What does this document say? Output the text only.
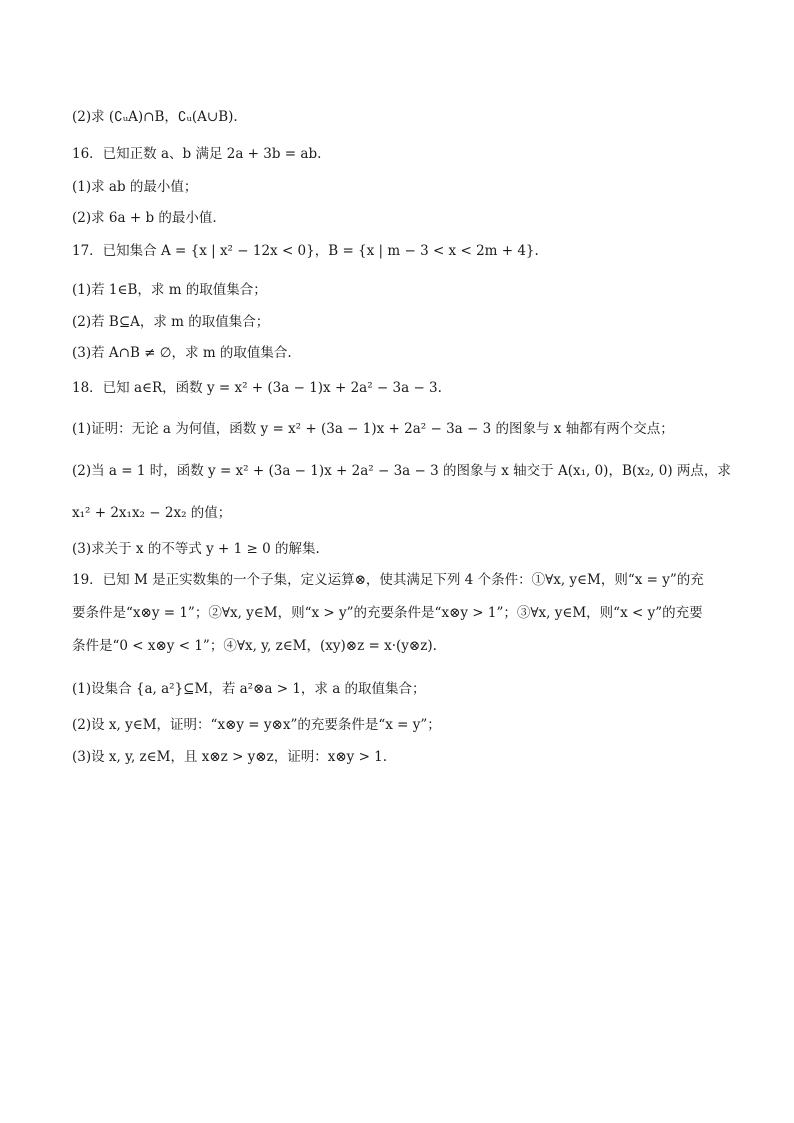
(2)求 (∁ᵤA)∩B，∁ᵤ(A∪B).
16．已知正数 a、b 满足 2a + 3b = ab.
(1)求 ab 的最小值；
(2)求 6a + b 的最小值.
17．已知集合 A = {x | x² − 12x < 0}，B = {x | m − 3 < x < 2m + 4}.
(1)若 1∈B，求 m 的取值集合；
(2)若 B⊆A，求 m 的取值集合；
(3)若 A∩B ≠ ∅，求 m 的取值集合.
18．已知 a∈R，函数 y = x² + (3a − 1)x + 2a² − 3a − 3.
(1)证明：无论 a 为何值，函数 y = x² + (3a − 1)x + 2a² − 3a − 3 的图象与 x 轴都有两个交点；
(2)当 a = 1 时，函数 y = x² + (3a − 1)x + 2a² − 3a − 3 的图象与 x 轴交于 A(x₁, 0)，B(x₂, 0) 两点，求
x₁² + 2x₁x₂ − 2x₂ 的值；
(3)求关于 x 的不等式 y + 1 ≥ 0 的解集.
19．已知 M 是正实数集的一个子集，定义运算⊗，使其满足下列 4 个条件：①∀x, y∈M，则“x = y”的充
要条件是“x⊗y = 1”；②∀x, y∈M，则“x > y”的充要条件是“x⊗y > 1”；③∀x, y∈M，则“x < y”的充要
条件是“0 < x⊗y < 1”；④∀x, y, z∈M，(xy)⊗z = x·(y⊗z).
(1)设集合 {a, a²}⊆M，若 a²⊗a > 1，求 a 的取值集合；
(2)设 x, y∈M，证明：“x⊗y = y⊗x”的充要条件是“x = y”；
(3)设 x, y, z∈M，且 x⊗z > y⊗z，证明：x⊗y > 1.
